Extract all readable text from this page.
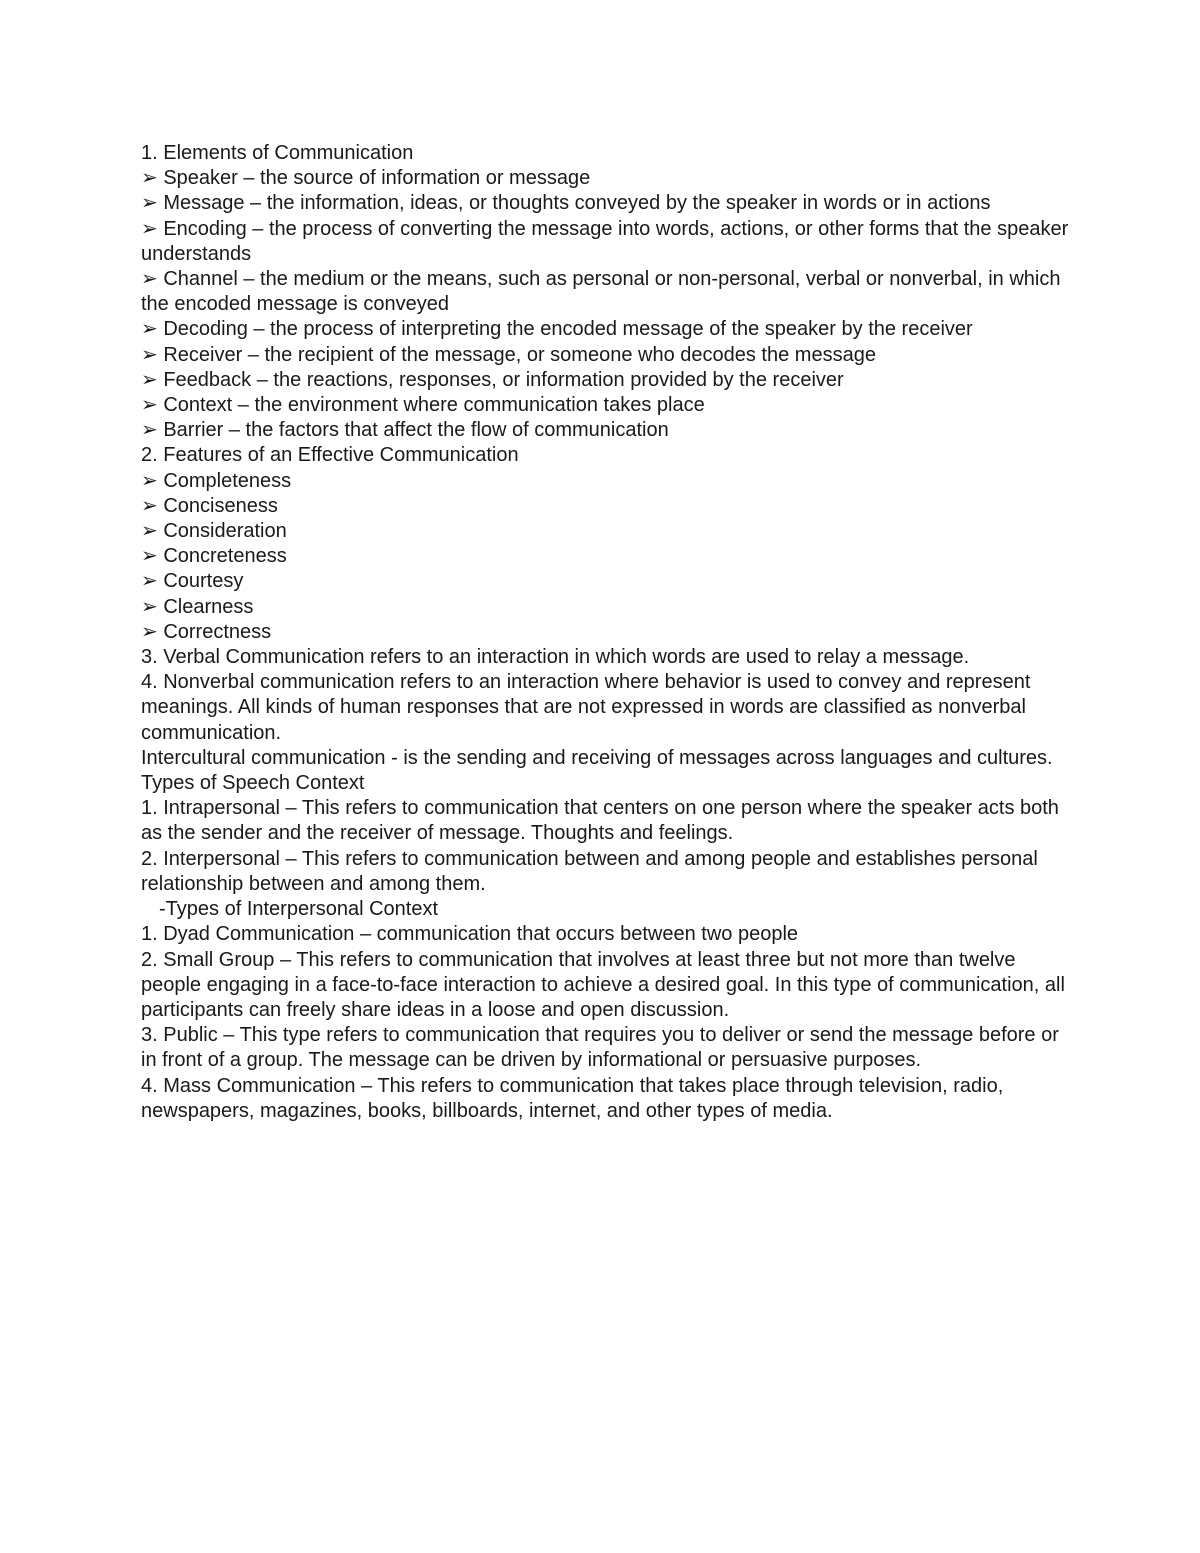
1. Elements of Communication

➢ Speaker – the source of information or message

➢ Message – the information, ideas, or thoughts conveyed by the speaker in words or in actions

➢ Encoding – the process of converting the message into words, actions, or other forms that the speaker understands

➢ Channel – the medium or the means, such as personal or non-personal, verbal or nonverbal, in which the encoded message is conveyed

➢ Decoding – the process of interpreting the encoded message of the speaker by the receiver

➢ Receiver – the recipient of the message, or someone who decodes the message

➢ Feedback – the reactions, responses, or information provided by the receiver

➢ Context – the environment where communication takes place

➢ Barrier – the factors that affect the flow of communication

2. Features of an Effective Communication

➢ Completeness

➢ Conciseness

➢ Consideration

➢ Concreteness

➢ Courtesy

➢ Clearness

➢ Correctness

3. Verbal Communication refers to an interaction in which words are used to relay a message.

4. Nonverbal communication refers to an interaction where behavior is used to convey and represent meanings. All kinds of human responses that are not expressed in words are classified as nonverbal communication.

Intercultural communication - is the sending and receiving of messages across languages and cultures.

Types of Speech Context

1. Intrapersonal – This refers to communication that centers on one person where the speaker acts both as the sender and the receiver of message. Thoughts and feelings.

2. Interpersonal – This refers to communication between and among people and establishes personal relationship between and among them.

-Types of Interpersonal Context

1. Dyad Communication – communication that occurs between two people

2. Small Group – This refers to communication that involves at least three but not more than twelve people engaging in a face-to-face interaction to achieve a desired goal. In this type of communication, all participants can freely share ideas in a loose and open discussion.

3. Public – This type refers to communication that requires you to deliver or send the message before or in front of a group. The message can be driven by informational or persuasive purposes.

4. Mass Communication – This refers to communication that takes place through television, radio, newspapers, magazines, books, billboards, internet, and other types of media.
